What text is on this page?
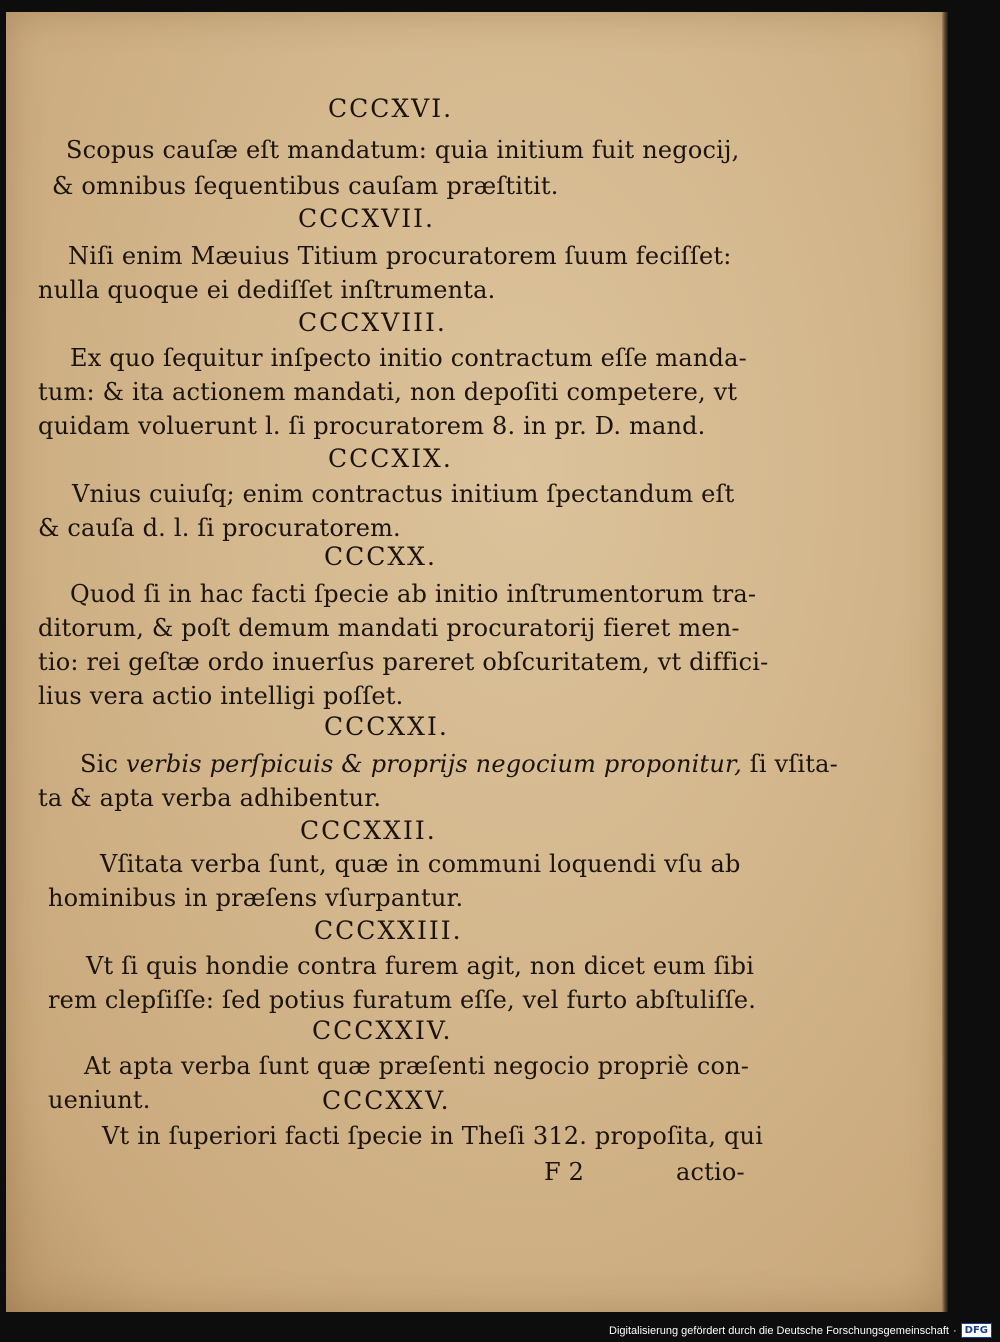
CCCXVI.
Scopus cauſæ eſt mandatum: quia initium fuit negocij,
& omnibus ſequentibus cauſam præſtitit.
CCCXVII.
Niſi enim Mæuius Titium procuratorem ſuum feciſſet:
nulla quoque ei dediſſet inſtrumenta.
CCCXVIII.
Ex quo ſequitur inſpecto initio contractum eſſe manda-
tum: & ita actionem mandati, non depoſiti competere, vt
quidam voluerunt l. ſi procuratorem 8. in pr. D. mand.
CCCXIX.
Vnius cuiuſq; enim contractus initium ſpectandum eſt
& cauſa d. l. ſi procuratorem.
CCCXX.
Quod ſi in hac facti ſpecie ab initio inſtrumentorum tra-
ditorum, & poſt demum mandati procuratorij fieret men-
tio: rei geſtæ ordo inuerſus pareret obſcuritatem, vt diffici-
lius vera actio intelligi poſſet.
CCCXXI.
Sic verbis perſpicuis & proprijs negocium proponitur, ſi vſita-
ta & apta verba adhibentur.
CCCXXII.
Vſitata verba ſunt, quæ in communi loquendi vſu ab
hominibus in præſens vſurpantur.
CCCXXIII.
Vt ſi quis hondie contra furem agit, non dicet eum ſibi
rem clepſiſſe: ſed potius furatum eſſe, vel furto abſtuliſſe.
CCCXXIV.
At apta verba ſunt quæ præſenti negocio propriè con-
ueniunt.	CCCXXV.
Vt in ſuperiori facti ſpecie in Theſi 312. propoſita, qui
F 2	actio-
Digitalisierung gefördert durch die Deutsche Forschungsgemeinschaft · DFG
